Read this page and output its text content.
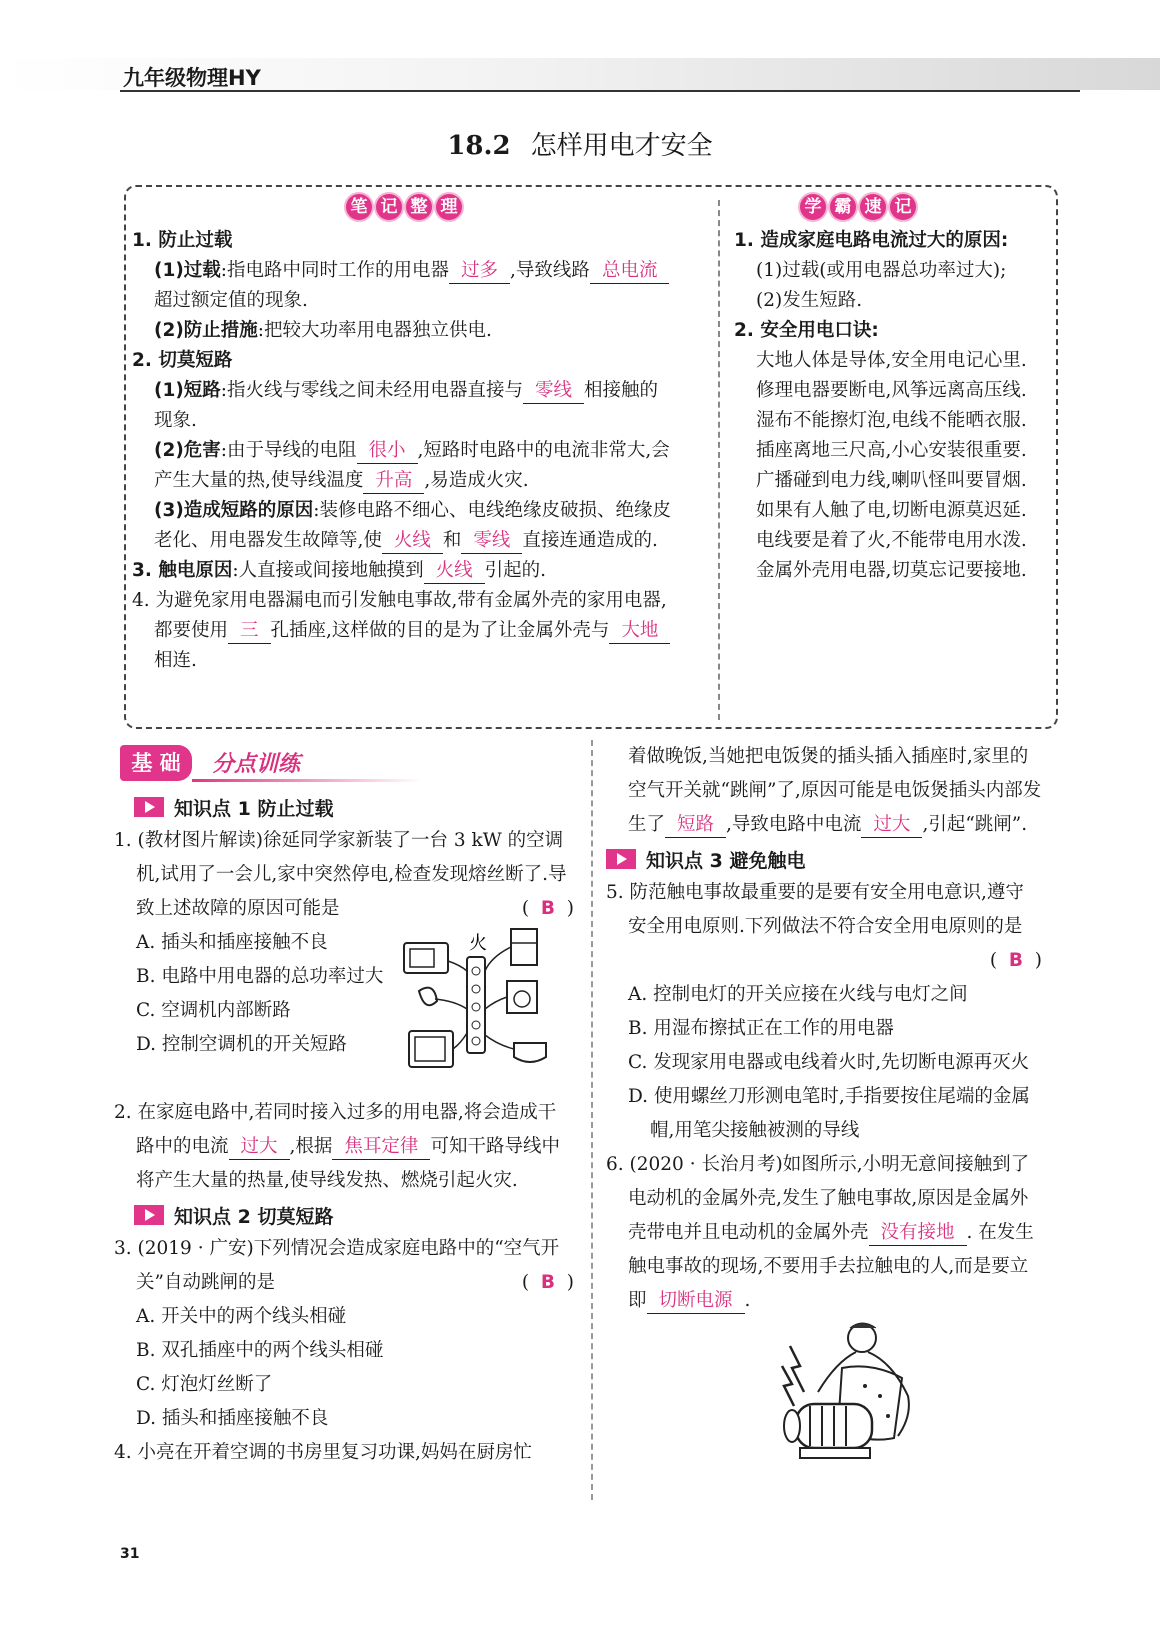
九年级物理HY
18.2 怎样用电才安全
笔 记 整 理	学 霸 速 记

1. 防止过载

(1)过载:指电路中同时工作的用电器 过多 ,导致线路 总电流超过额定值的现象.

(2)防止措施:把较大功率用电器独立供电.

2. 切莫短路

(1)短路:指火线与零线之间未经用电器直接与 零线 相接触的现象.

(2)危害:由于导线的电阻 很小 ,短路时电路中的电流非常大,会产生大量的热,使导线温度 升高 ,易造成火灾.

(3)造成短路的原因:装修电路不细心、电线绝缘皮破损、绝缘皮老化、用电器发生故障等,使 火线 和 零线 直接连通造成的.

3. 触电原因:人直接或间接地触摸到 火线 引起的.

4. 为避免家用电器漏电而引发触电事故,带有金属外壳的家用电器,都要使用 三 孔插座,这样做的目的是为了让金属外壳与 大地相连.

1. 造成家庭电路电流过大的原因:

(1)过载(或用电器总功率过大);

(2)发生短路.

2. 安全用电口诀:

大地人体是导体,安全用电记心里.修理电器要断电,风筝远离高压线.

湿布不能擦灯泡,电线不能晒衣服.插座离地三尺高,小心安装很重要.

广播碰到电力线,喇叭怪叫要冒烟.如果有人触了电,切断电源莫迟延.

电线要是着了火,不能带电用水泼.金属外壳用电器,切莫忘记要接地.

基 础	分点训练
知识点 1 防止过载
1. (教材图片解读)徐延同学家新装了一台 3 kW 的空调机,试用了一会儿,家中突然停电,检查发现熔丝断了.导致上述故障的原因可能是	(  B  )
A. 插头和插座接触不良
B. 电路中用电器的总功率过大
C. 空调机内部断路
D. 控制空调机的开关短路
火
2. 在家庭电路中,若同时接入过多的用电器,将会造成干路中的电流 过大 ,根据 焦耳定律 可知干路导线中将产生大量的热量,使导线发热、燃烧引起火灾.
知识点 2 切莫短路
3. (2019 · 广安)下列情况会造成家庭电路中的“空气开关”自动跳闸的是	(  B  )
A. 开关中的两个线头相碰
B. 双孔插座中的两个线头相碰
C. 灯泡灯丝断了
D. 插头和插座接触不良
4. 小亮在开着空调的书房里复习功课,妈妈在厨房忙
着做晚饭,当她把电饭煲的插头插入插座时,家里的空气开关就“跳闸”了,原因可能是电饭煲插头内部发生了 短路 ,导致电路中电流 过大 ,引起“跳闸”.
知识点 3 避免触电
5. 防范触电事故最重要的是要有安全用电意识,遵守安全用电原则.下列做法不符合安全用电原则的是
(  B  )
A. 控制电灯的开关应接在火线与电灯之间
B. 用湿布擦拭正在工作的用电器
C. 发现家用电器或电线着火时,先切断电源再灭火
D. 使用螺丝刀形测电笔时,手指要按住尾端的金属帽,用笔尖接触被测的导线
6. (2020 · 长治月考)如图所示,小明无意间接触到了电动机的金属外壳,发生了触电事故,原因是金属外壳带电并且电动机的金属外壳 没有接地 . 在发生触电事故的现场,不要用手去拉触电的人,而是要立即 切断电源 .
31
